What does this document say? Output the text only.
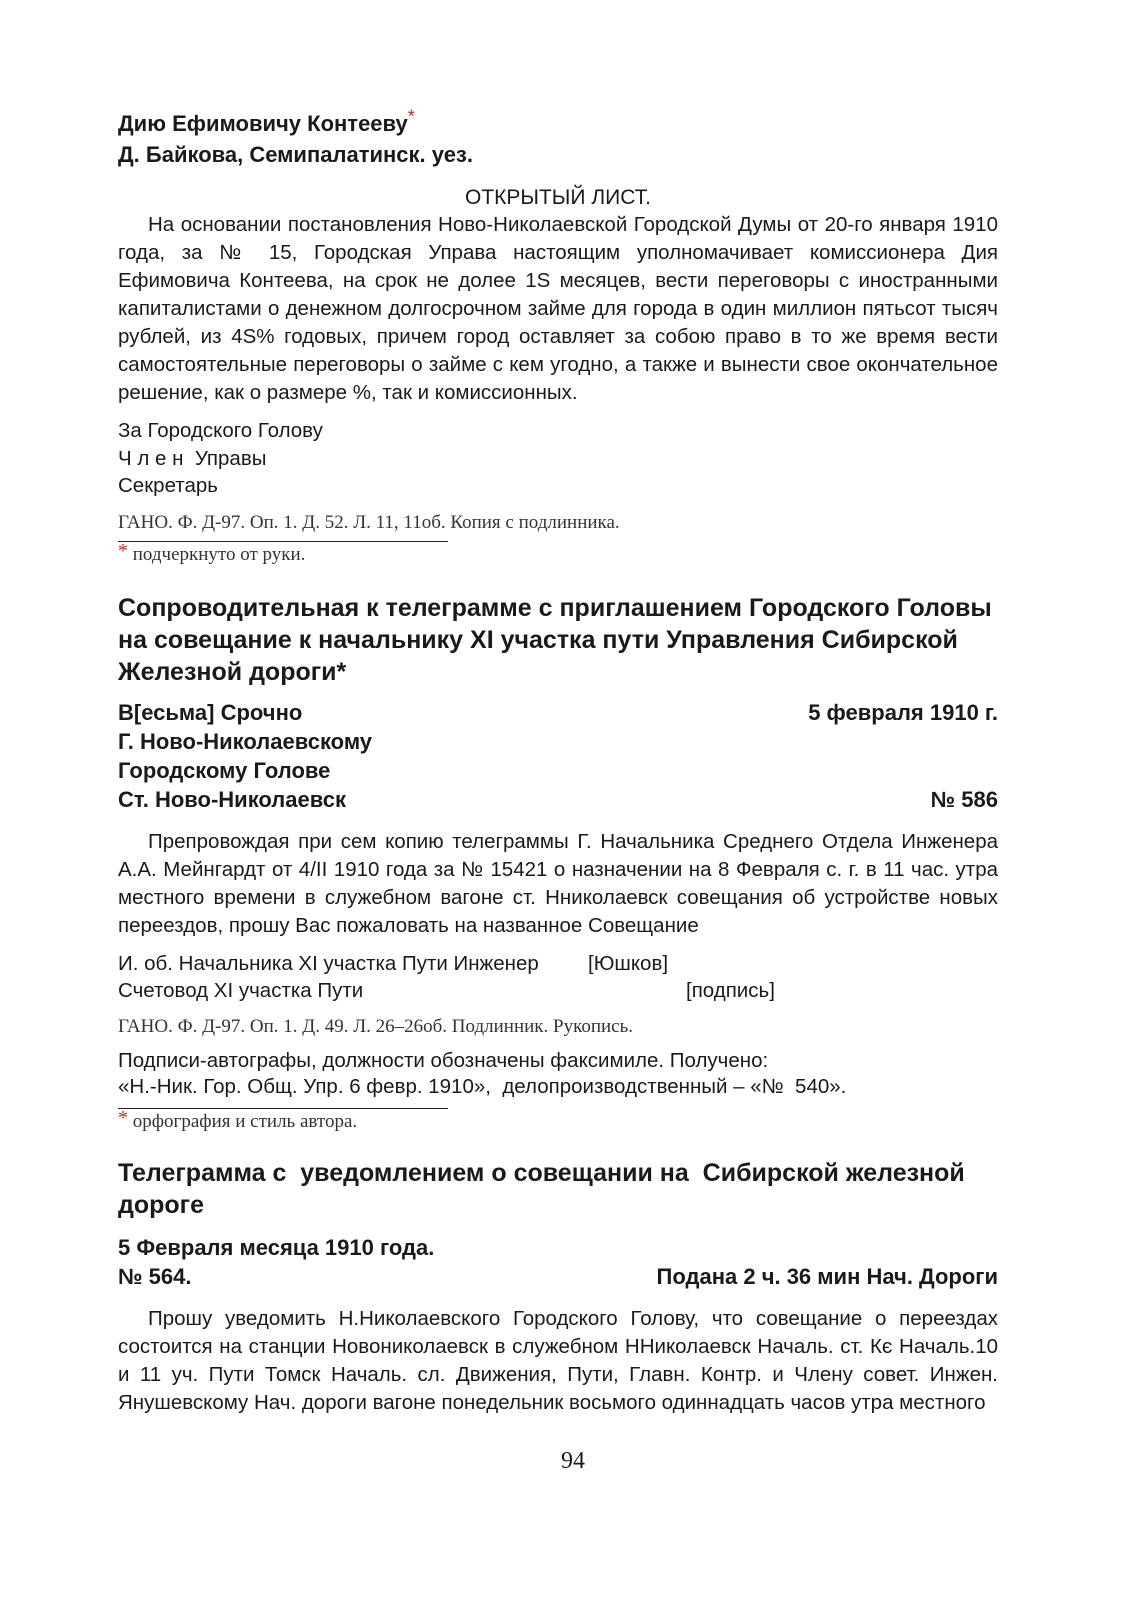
Дию Ефимовичу Контееву*
Д. Байкова, Семипалатинск. уез.
ОТКРЫТЫЙ ЛИСТ.

На основании постановления Ново-Николаевской Городской Думы от 20-го января 1910 года, за № 15, Городская Управа настоящим уполномачивает комиссионера Дия Ефимовича Контеева, на срок не долее 1S месяцев, вести переговоры с иностранными капиталистами о денежном долгосрочном займе для города в один миллион пятьсот тысяч рублей, из 4S% годовых, причем город оставляет за собою право в то же время вести самостоятельные переговоры о займе с кем угодно, а также и вынести свое окончательное решение, как о размере %, так и комиссионных.

За Городского Голову
Ч л е н  Управы
Секретарь
ГАНО. Ф. Д-97. Оп. 1. Д. 52. Л. 11, 11об. Копия с подлинника.
* подчеркнуто от руки.
Сопроводительная к телеграмме с приглашением Городского Головы на совещание к начальнику XI участка пути Управления Сибирской Железной дороги*
В[есьма] Срочно	5 февраля 1910 г.
Г. Ново-Николаевскому
Городскому Голове
Ст. Ново-Николаевск	№ 586

Препровождая при сем копию телеграммы Г. Начальника Среднего Отдела Инженера А.А. Мейнгардт от 4/II 1910 года за № 15421 о назначении на 8 Февраля с. г. в 11 час. утра местного времени в служебном вагоне ст. Нниколаевск совещания об устройстве новых переездов, прошу Вас пожаловать на названное Совещание

И. об. Начальника XI участка Пути Инженер	[Юшков]
Счетовод XI участка Пути	[подпись]
ГАНО. Ф. Д-97. Оп. 1. Д. 49. Л. 26–26об. Подлинник. Рукопись.
Подписи-автографы, должности обозначены факсимиле. Получено:
«Н.-Ник. Гор. Общ. Упр. 6 февр. 1910»,  делопроизводственный – «№  540».
* орфография и стиль автора.
Телеграмма с  уведомлением о совещании на  Сибирской железной дороге
5 Февраля месяца 1910 года.
№ 564.	Подана 2 ч. 36 мин Нач. Дороги

Прошу уведомить Н.Николаевского Городского Голову, что совещание о переездах состоится на станции Новониколаевск в служебном ННиколаевск Началь. ст. Кє Началь.10 и 11 уч. Пути Томск Началь. сл. Движения, Пути, Главн. Контр. и Члену совет. Инжен. Янушевскому Нач. дороги вагоне понедельник восьмого одиннадцать часов утра местного

94
